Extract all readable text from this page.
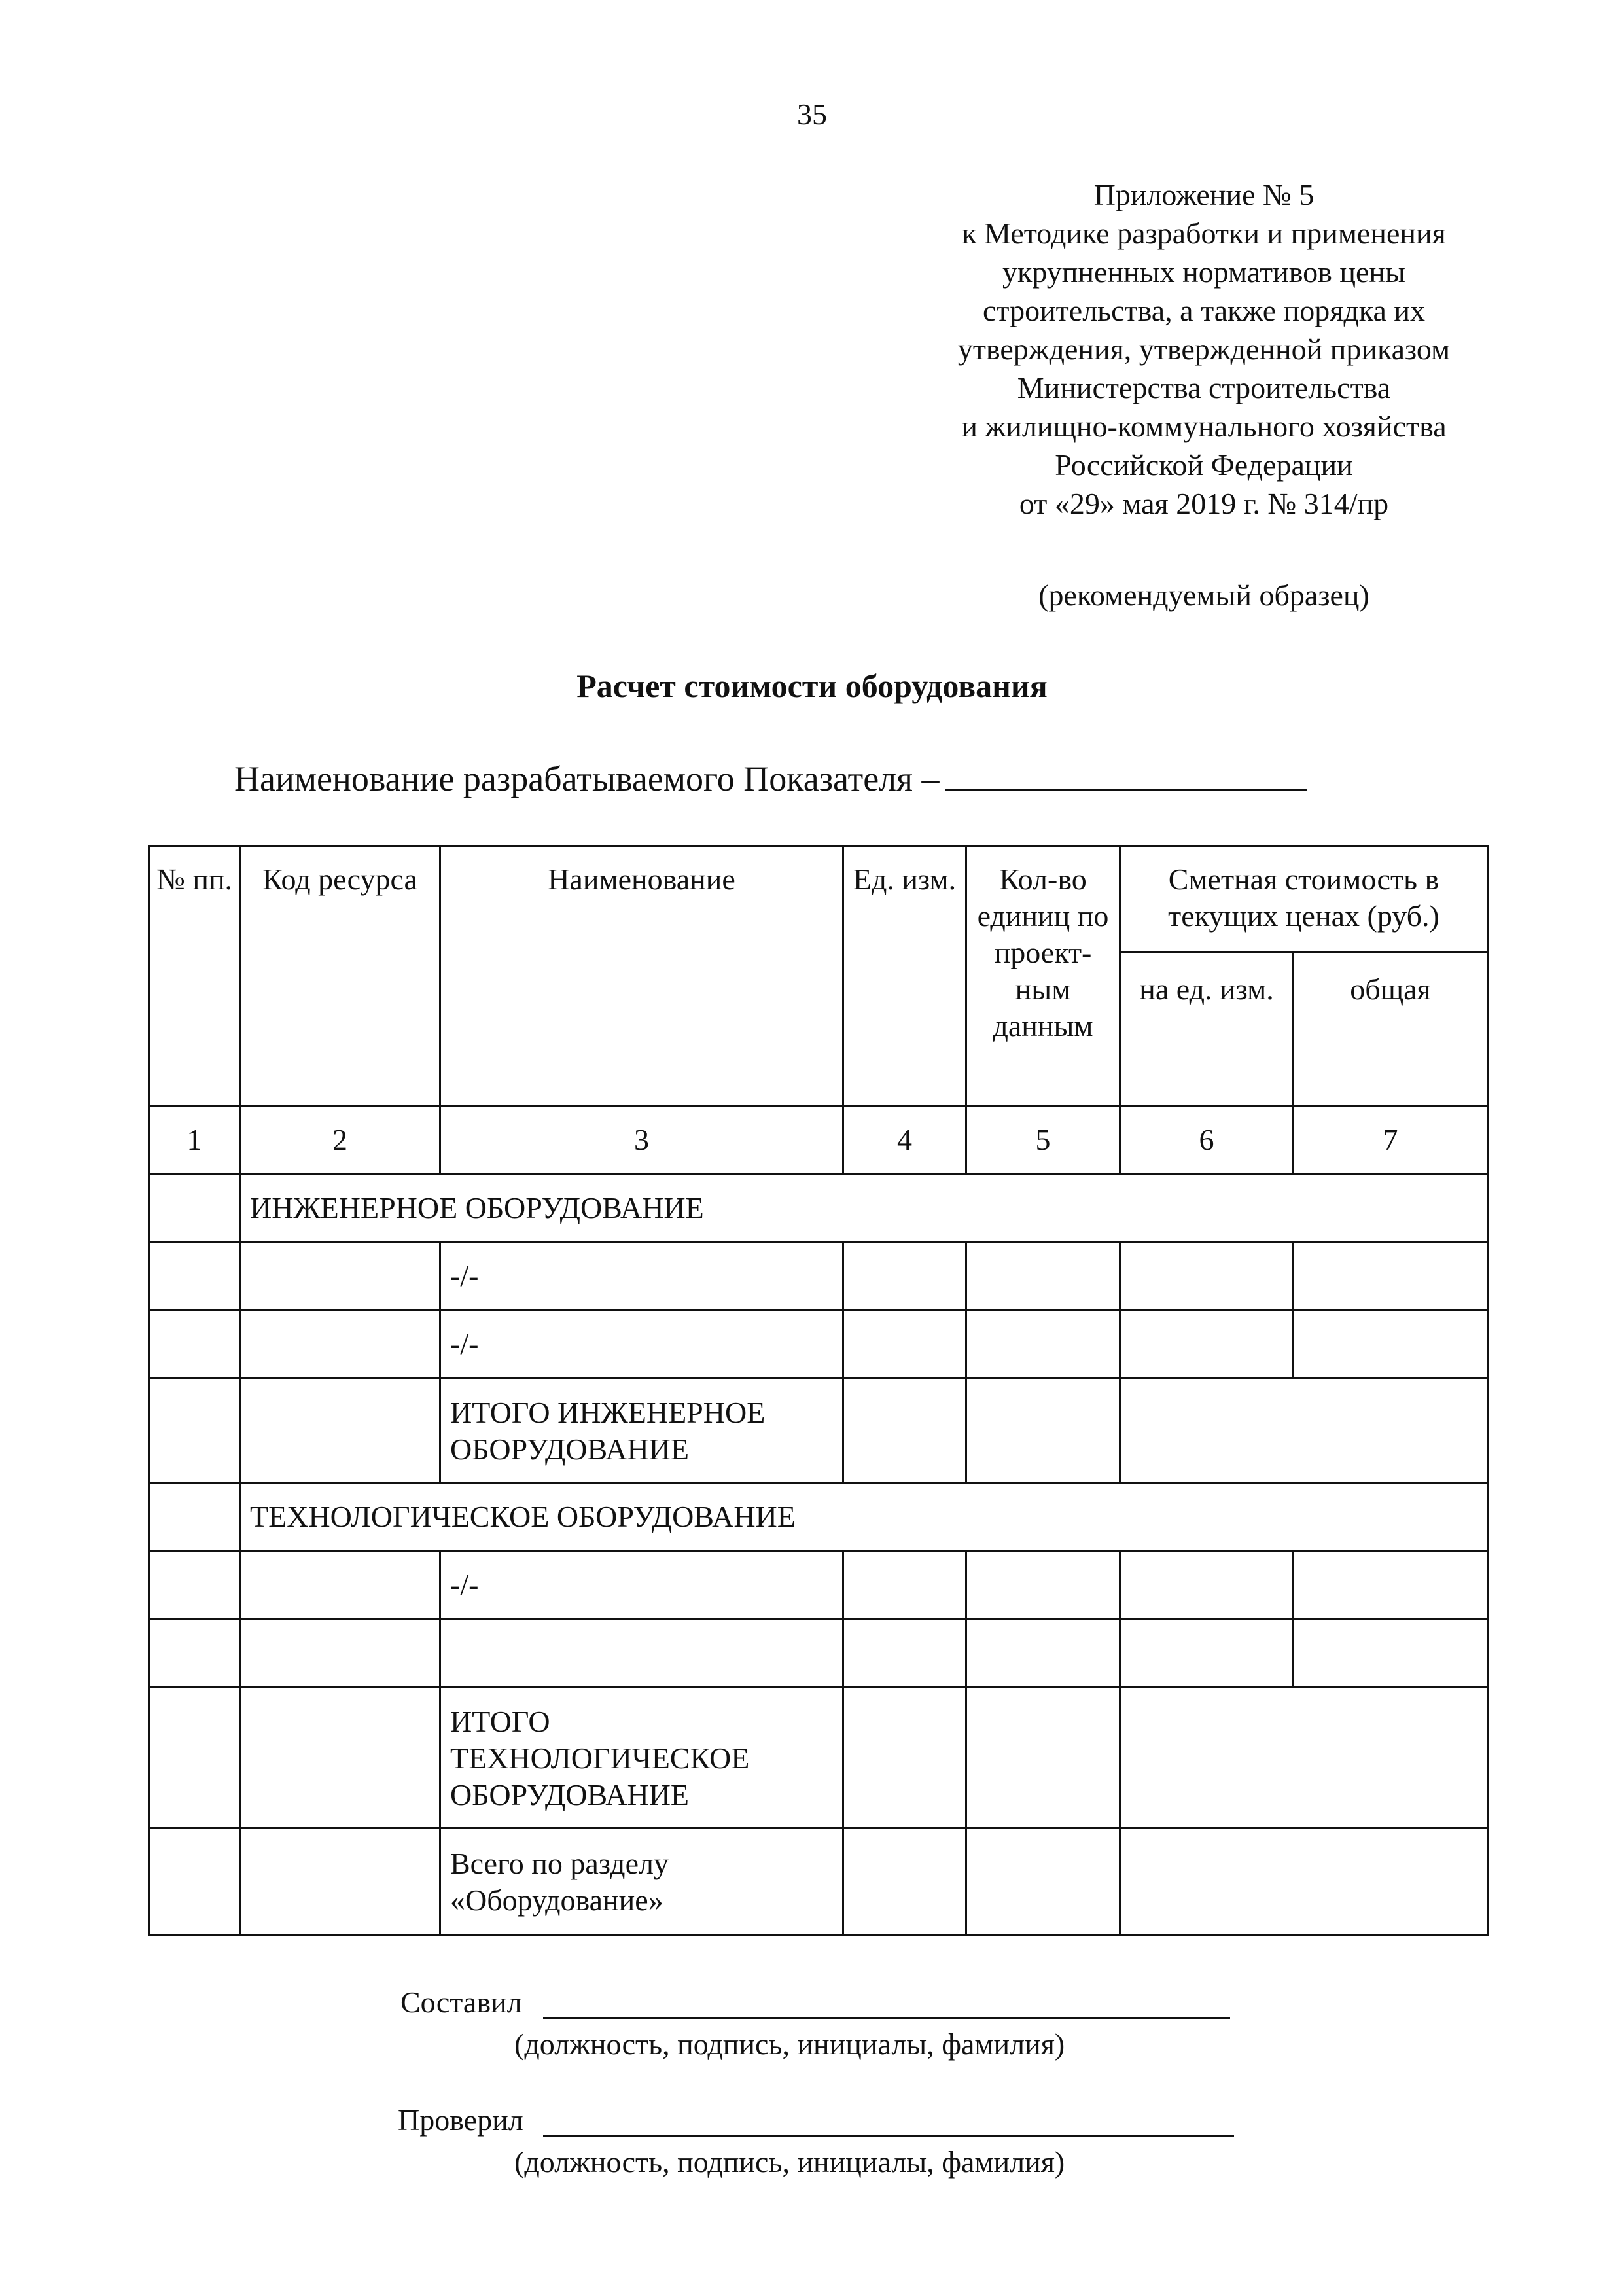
35
Приложение № 5
к Методике разработки и применения
укрупненных нормативов цены
строительства, а также порядка их
утверждения, утвержденной приказом
Министерства строительства
и жилищно-коммунального хозяйства
Российской Федерации
от «29» мая 2019 г. № 314/пр
(рекомендуемый образец)
Расчет стоимости оборудования
Наименование разрабатываемого Показателя –
№ пп.	Код ресурса	Наименование	Ед. изм.	Кол-во единиц по проект- ным данным	Сметная стоимость в текущих ценах (руб.)	
					на ед. изм.	общая
1	2	3	4	5	6	7
	ИНЖЕНЕРНОЕ ОБОРУДОВАНИЕ					
		-/-				
		-/-				
		ИТОГО ИНЖЕНЕРНОЕ ОБОРУДОВАНИЕ				
	ТЕХНОЛОГИЧЕСКОЕ ОБОРУДОВАНИЕ					
		-/-				

		ИТОГО ТЕХНОЛОГИЧЕСКОЕ ОБОРУДОВАНИЕ				
		Всего по разделу «Оборудование»				
Составил
(должность, подпись, инициалы, фамилия)
Проверил
(должность, подпись, инициалы, фамилия)
